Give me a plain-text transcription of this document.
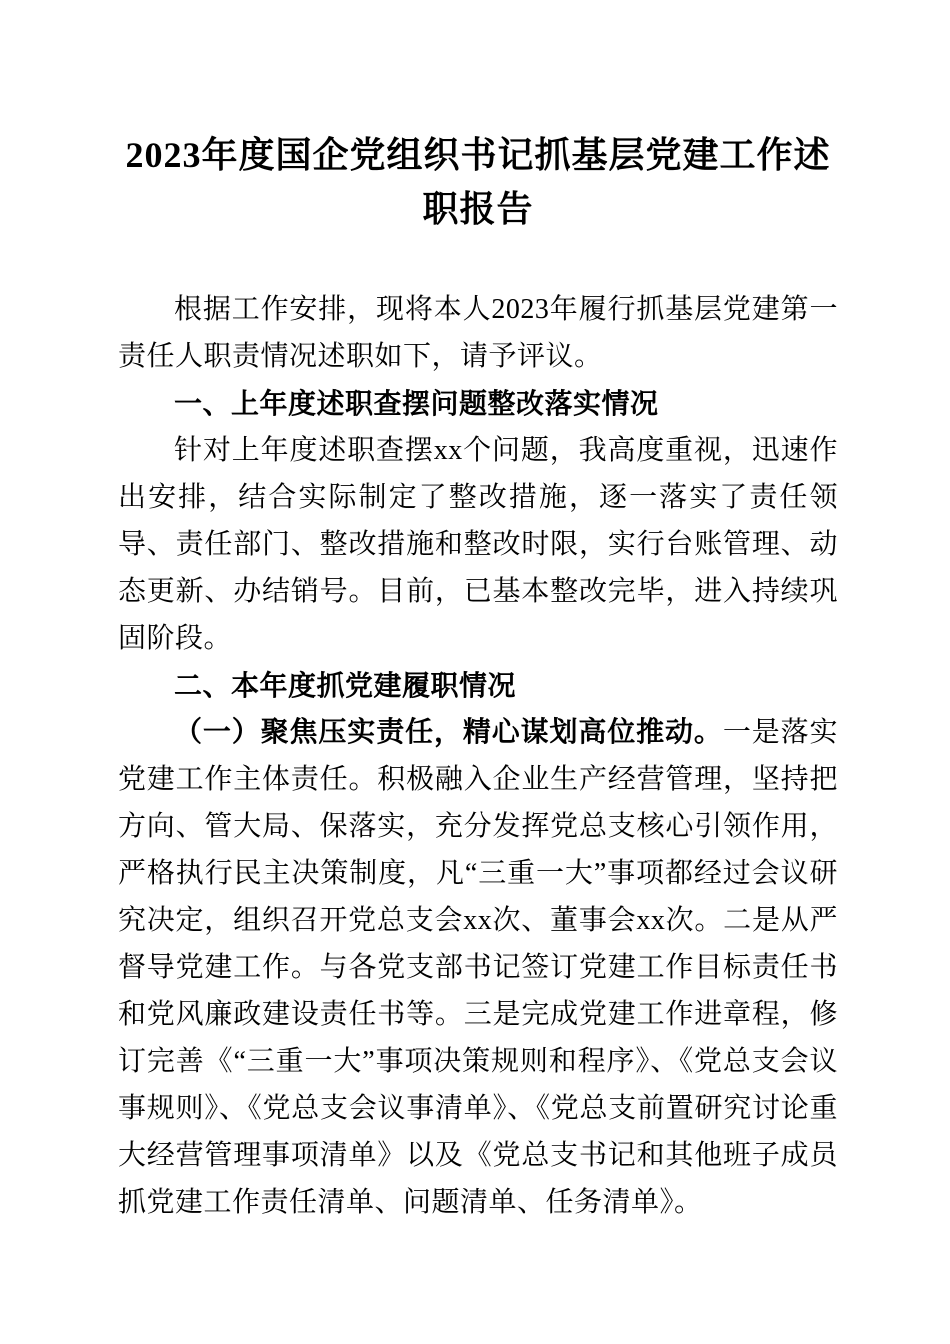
2023年度国企党组织书记抓基层党建工作述职报告

根据工作安排，现将本人2023年履行抓基层党建第一责任人职责情况述职如下，请予评议。

一、上年度述职查摆问题整改落实情况

针对上年度述职查摆xx个问题，我高度重视，迅速作出安排，结合实际制定了整改措施，逐一落实了责任领导、责任部门、整改措施和整改时限，实行台账管理、动态更新、办结销号。目前，已基本整改完毕，进入持续巩固阶段。

二、本年度抓党建履职情况

（一）聚焦压实责任，精心谋划高位推动。一是落实党建工作主体责任。积极融入企业生产经营管理，坚持把方向、管大局、保落实，充分发挥党总支核心引领作用，严格执行民主决策制度，凡“三重一大”事项都经过会议研究决定，组织召开党总支会xx次、董事会xx次。二是从严督导党建工作。与各党支部书记签订党建工作目标责任书和党风廉政建设责任书等。三是完成党建工作进章程，修订完善《“三重一大”事项决策规则和程序》、《党总支会议事规则》、《党总支会议事清单》、《党总支前置研究讨论重大经营管理事项清单》以及《党总支书记和其他班子成员抓党建工作责任清单、问题清单、任务清单》。
